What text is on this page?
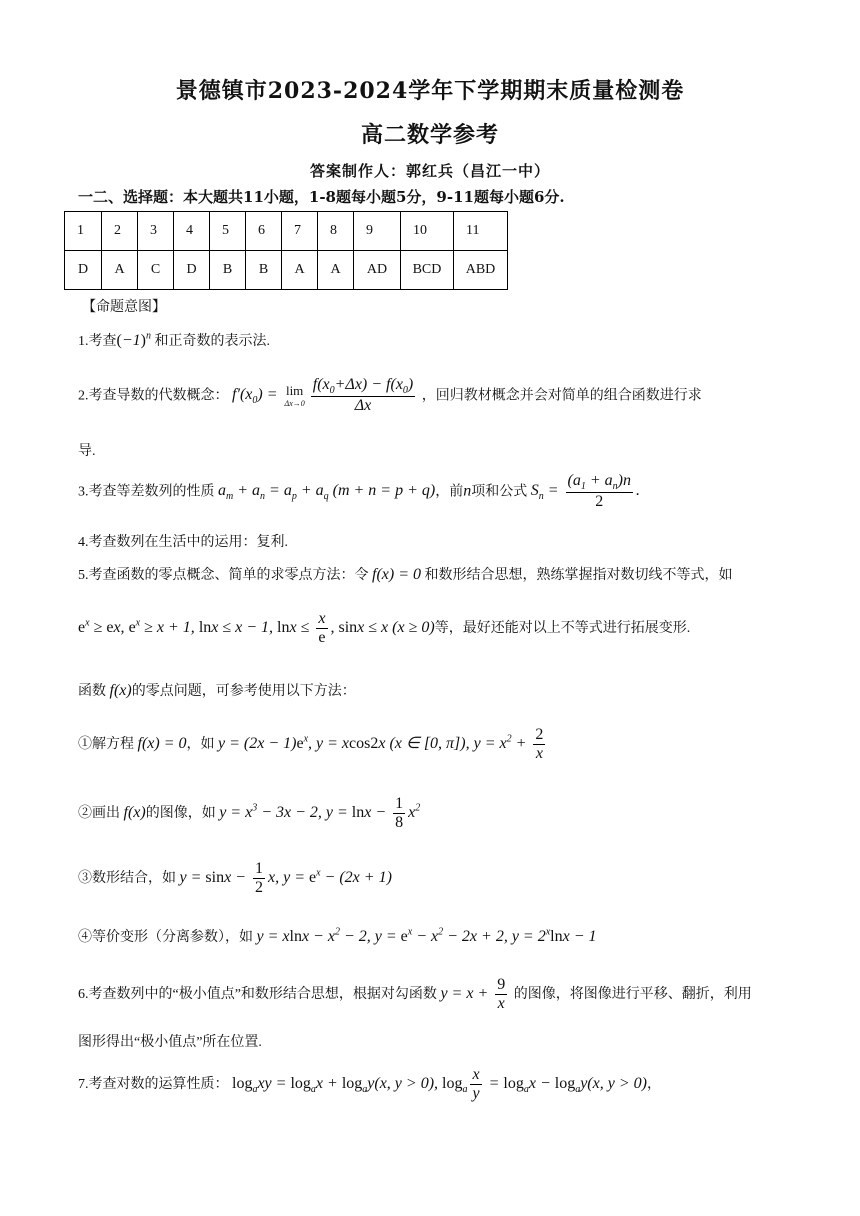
景德镇市2023-2024学年下学期期末质量检测卷
高二数学参考
答案制作人：郭红兵（昌江一中）
一二、选择题：本大题共11小题，1-8题每小题5分，9-11题每小题6分.
1	2	3	4	5	6	7	8	9	10	11
D	A	C	D	B	B	A	A	AD	BCD	ABD
【命题意图】
1.考查$(-1)^n$ 和正奇数的表示法.
2.考查导数的代数概念： $f'(x_0) = \lim$
$\Delta x\to 0 \frac{f(x_0+\Delta x) - f(x_0)}{\Delta x}$ ，回归教材概念并会对简单的组合函数进行求
导.
3.考查等差数列的性质 $a_m + a_n = a_p + a_q$ (m + n = p + q)，前n项和公式 $S_n = \frac{(a_1 + a_n)n}{2}$ .
4.考查数列在生活中的运用：复利.
5.考查函数的零点概念、简单的求零点方法：令 f(x) = 0 和数形结合思想，熟练掌握指对数切线不等式，如
$e^x$ ≥ ex, $e^x \ge x + 1$, lnx ≤ x − 1, $\ln x \le \frac{x}{e}$ , sinx ≤ x (x ≥ 0)等，最好还能对以上不等式进行拓展变形.
函数 f(x)的零点问题，可参考使用以下方法：
①解方程 f(x) = 0，如 $y = (2x - 1)e^x$, y = xcos2x (x ∈ [0, π]), $y = x^2 + \frac{2}{x}$
②画出 f(x)的图像，如 $y = x^3 - 3x - 2$, $y = \ln x - \frac{1}{8} x^2$
③数形结合，如 $y = \sin x - \frac{1}{2} x$, $y = e^x - (2x + 1)$
④等价变形（分离参数），如 $y = xlnx - x^2 - 2$, $y = e^x - x^2 - 2x + 2$, $y = 2^x\ln x - 1$
6.考查数列中的“极小值点”和数形结合思想，根据对勾函数 $y = x + \frac{9}{x}$ 的图像，将图像进行平移、翻折，利用
图形得出“极小值点”所在位置.
7.考查对数的运算性质： $\log_axy = \log_ax + \log_ay(x$, y > 0), $\log_a \frac{x}{y} = \log_ax - \log_ay(x$, y > 0)，
